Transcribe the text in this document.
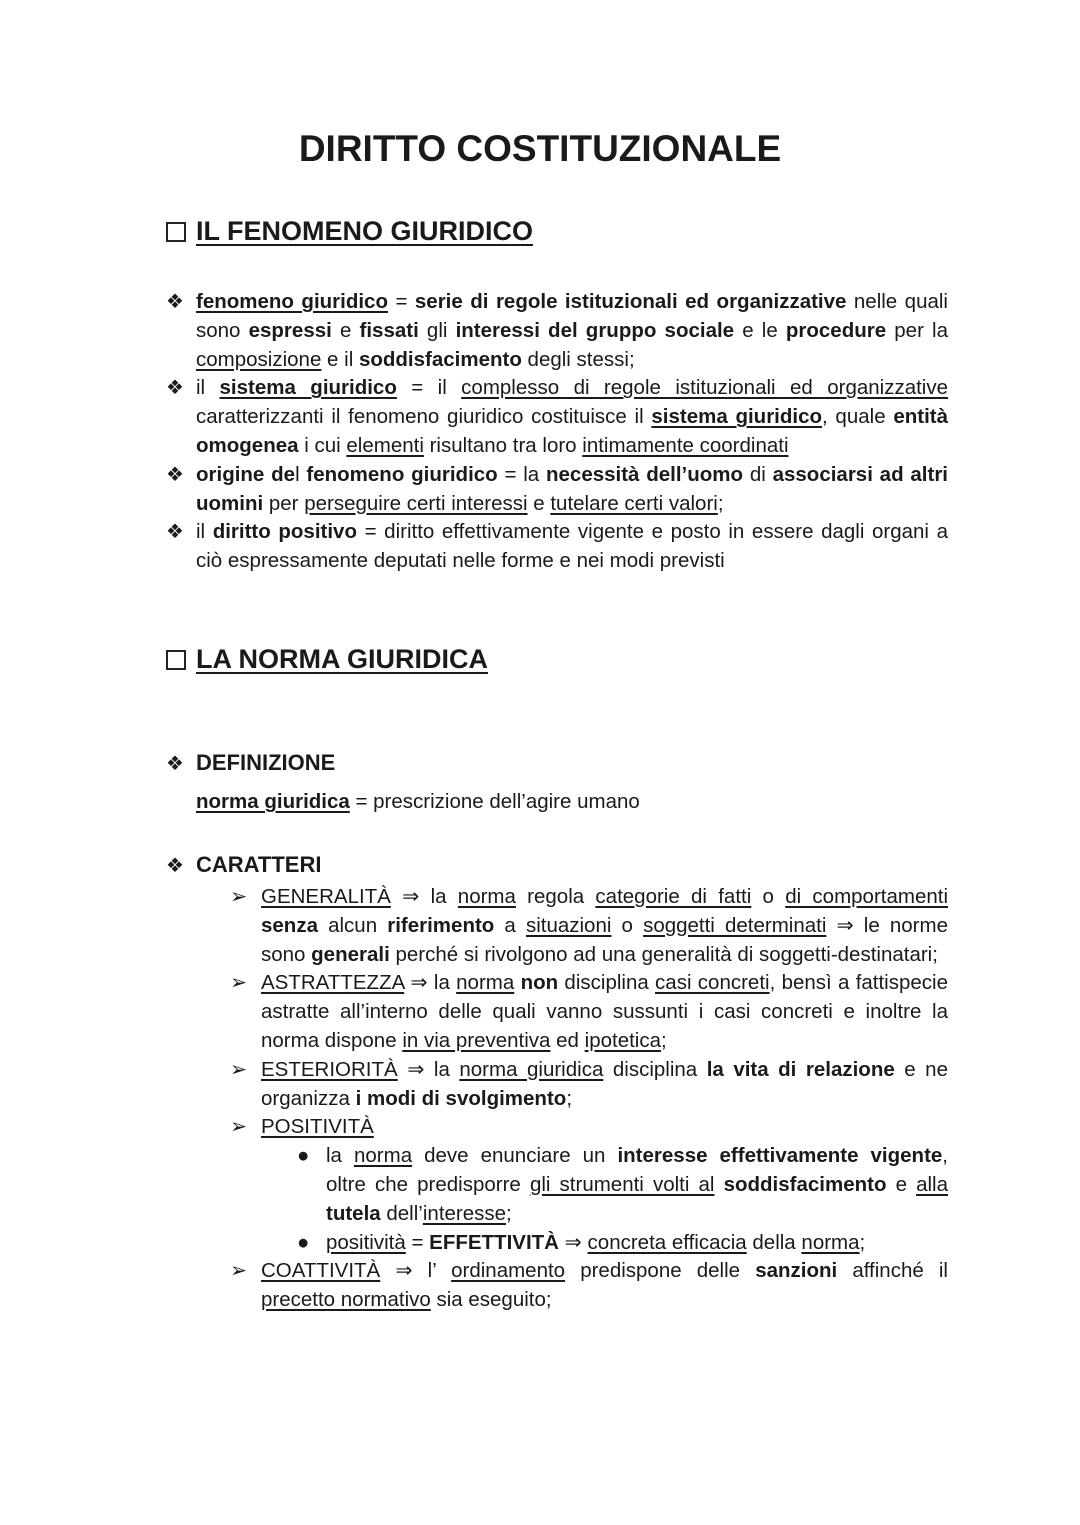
DIRITTO COSTITUZIONALE
IL FENOMENO GIURIDICO
❖ fenomeno giuridico = serie di regole istituzionali ed organizzative nelle quali sono espressi e fissati gli interessi del gruppo sociale e le procedure per la composizione e il soddisfacimento degli stessi;
❖ il sistema giuridico = il complesso di regole istituzionali ed organizzative caratterizzanti il fenomeno giuridico costituisce il sistema giuridico, quale entità omogenea i cui elementi risultano tra loro intimamente coordinati
❖ origine del fenomeno giuridico = la necessità dell’uomo di associarsi ad altri uomini per perseguire certi interessi e tutelare certi valori;
❖ il diritto positivo = diritto effettivamente vigente e posto in essere dagli organi a ciò espressamente deputati nelle forme e nei modi previsti
LA NORMA GIURIDICA
❖ DEFINIZIONE
norma giuridica = prescrizione dell’agire umano
❖ CARATTERI
➢ GENERALITÀ ⇒ la norma regola categorie di fatti o di comportamenti senza alcun riferimento a situazioni o soggetti determinati ⇒ le norme sono generali perché si rivolgono ad una generalità di soggetti-destinatari;
➢ ASTRATTEZZA ⇒ la norma non disciplina casi concreti, bensì a fattispecie astratte all’interno delle quali vanno sussunti i casi concreti e inoltre la norma dispone in via preventiva ed ipotetica;
➢ ESTERIORITÀ ⇒ la norma giuridica disciplina la vita di relazione e ne organizza i modi di svolgimento;
➢ POSITIVITÀ
● la norma deve enunciare un interesse effettivamente vigente, oltre che predisporre gli strumenti volti al soddisfacimento e alla tutela dell’interesse;
● positività = EFFETTIVITÀ ⇒ concreta efficacia della norma;
➢ COATTIVITÀ ⇒ l’ ordinamento predispone delle sanzioni affinché il precetto normativo sia eseguito;
